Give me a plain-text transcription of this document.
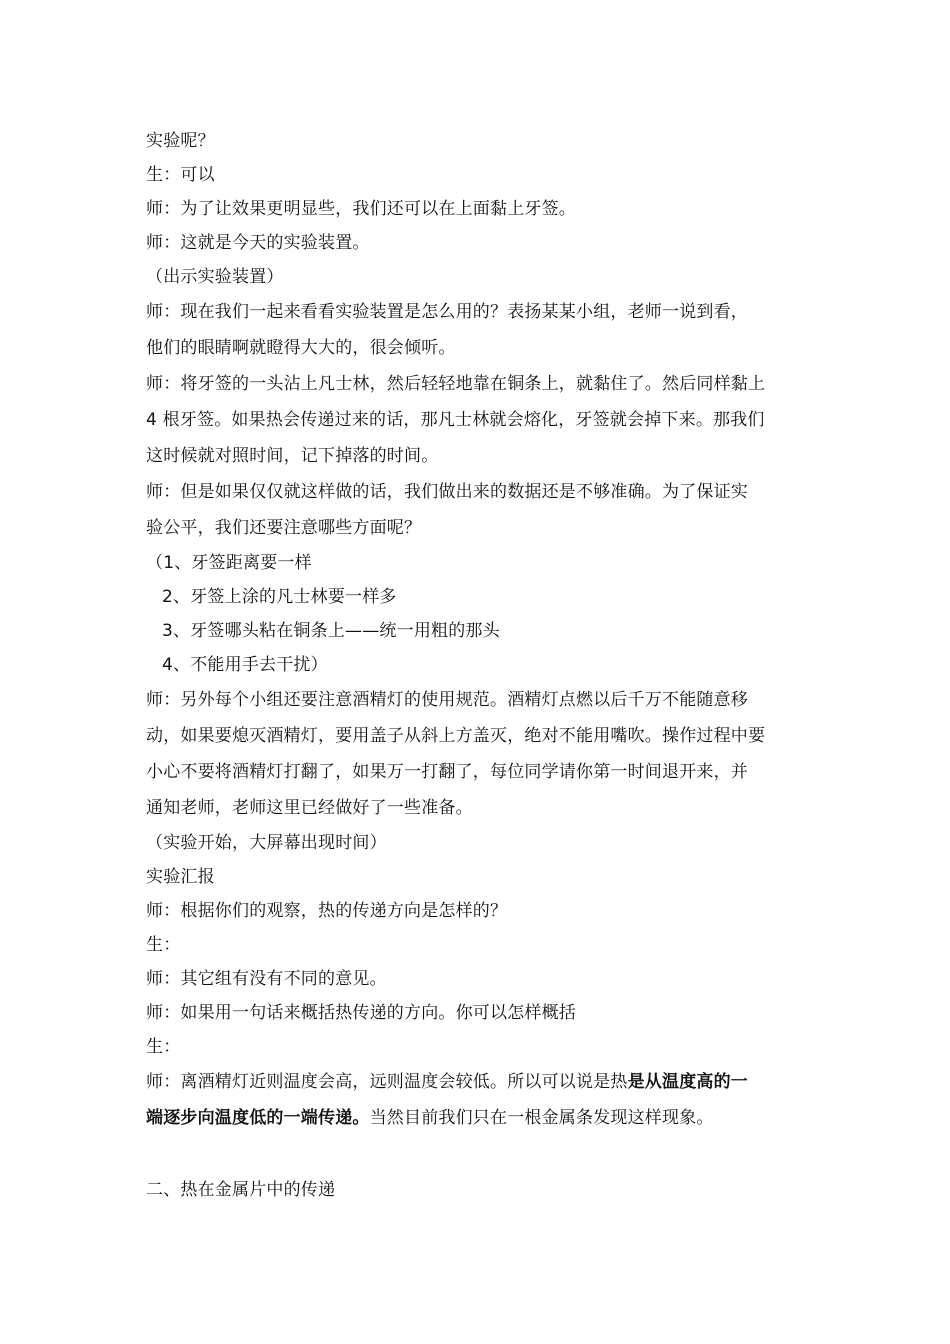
实验呢？
生：可以
师：为了让效果更明显些，我们还可以在上面黏上牙签。
师：这就是今天的实验装置。
（出示实验装置）
师：现在我们一起来看看实验装置是怎么用的？表扬某某小组，老师一说到看，
他们的眼睛啊就瞪得大大的，很会倾听。
师：将牙签的一头沾上凡士林，然后轻轻地靠在铜条上，就黏住了。然后同样黏上
4 根牙签。如果热会传递过来的话，那凡士林就会熔化，牙签就会掉下来。那我们
这时候就对照时间，记下掉落的时间。
师：但是如果仅仅就这样做的话，我们做出来的数据还是不够准确。为了保证实
验公平，我们还要注意哪些方面呢？
（1、牙签距离要一样
2、牙签上涂的凡士林要一样多
3、牙签哪头粘在铜条上——统一用粗的那头
4、不能用手去干扰）
师：另外每个小组还要注意酒精灯的使用规范。酒精灯点燃以后千万不能随意移
动，如果要熄灭酒精灯，要用盖子从斜上方盖灭，绝对不能用嘴吹。操作过程中要
小心不要将酒精灯打翻了，如果万一打翻了，每位同学请你第一时间退开来，并
通知老师，老师这里已经做好了一些准备。
（实验开始，大屏幕出现时间）
实验汇报
师：根据你们的观察，热的传递方向是怎样的？
生：
师：其它组有没有不同的意见。
师：如果用一句话来概括热传递的方向。你可以怎样概括
生：
师：离酒精灯近则温度会高，远则温度会较低。所以可以说是热是从温度高的一
端逐步向温度低的一端传递。当然目前我们只在一根金属条发现这样现象。
二、热在金属片中的传递
